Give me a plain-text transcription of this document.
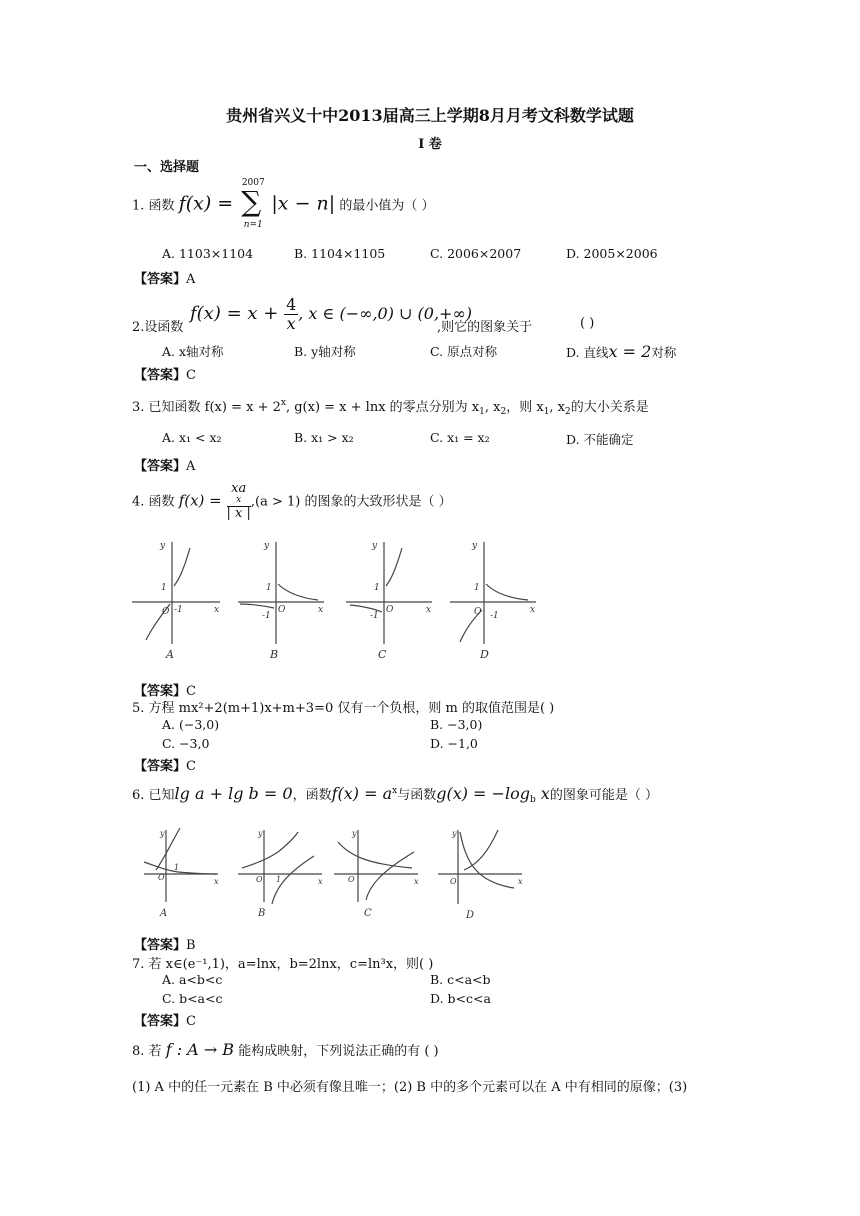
贵州省兴义十中2013届高三上学期8月月考文科数学试题
I 卷
一、选择题
1. 函数 f(x) =
2007
∑
n=1
|x − n| 的最小值为（ ）
A. 1103×1104	B. 1104×1105	C. 2006×2007	D. 2005×2006
【答案】A
$f(x) = x + \frac{4}{x}$ , x ∈ (−∞,0) ∪ (0,+∞)
2.设函数	,则它的图象关于	( )
A. x轴对称	B. y轴对称	C. 原点对称	D. 直线x = 2对称
【答案】C
3. 已知函数 $f(x) = x + 2^x$, g(x) = x + lnx 的零点分别为 $x_1$, $x_2$，则 $x_1$, $x_2$的大小关系是
A. x₁ < x₂	B. x₁ > x₂	C. x₁ = x₂	D. 不能确定
【答案】A
4. 函数 f(x) = xa
x
| x | ,(a > 1) 的图象的大致形状是（ ）
y
x
1
O -1
y
x
1
O
-1
y
x
1
O
-1
y
x
1
O -1
A	B	C	D
【答案】C
5. 方程 mx²+2(m+1)x+m+3=0 仅有一个负根，则 m 的取值范围是( )
A. (−3,0)	B. −3,0)
C. −3,0	D. −1,0
【答案】C
6. 已知lg a + lg b = 0，函数$f(x) = a^x$与函数$g(x) = -\log_b$ x的图象可能是（ ）
y
x
O
1
y
x
O 1
y
x
O
y
x
O
A	B	C	D
【答案】B
7. 若 x∈(e⁻¹,1)，a=lnx，b=2lnx，c=ln³x，则( )
A. a<b<c	B. c<a<b
C. b<a<c	D. b<c<a
【答案】C
8. 若 f : A → B 能构成映射，下列说法正确的有 ( )
(1) A 中的任一元素在 B 中必须有像且唯一；(2) B 中的多个元素可以在 A 中有相同的原像；(3)
